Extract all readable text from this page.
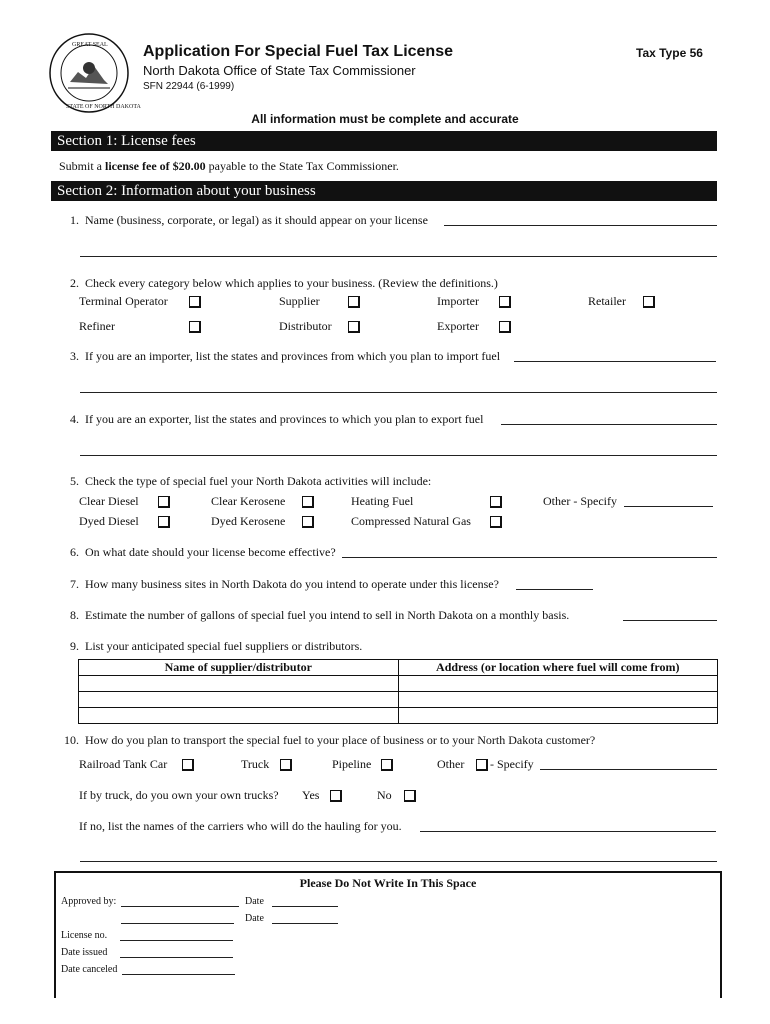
GREAT SEAL
STATE OF NORTH DAKOTA
Application For Special Fuel Tax License	Tax Type 56
North Dakota Office of State Tax Commissioner
SFN 22944 (6-1999)
All information must be complete and accurate
Section 1: License fees
Submit a license fee of $20.00 payable to the State Tax Commissioner.
Section 2: Information about your business
1. Name (business, corporate, or legal) as it should appear on your license
2. Check every category below which applies to your business. (Review the definitions.)
Terminal Operator	Supplier	Importer	Retailer
Refiner	Distributor	Exporter
3. If you are an importer, list the states and provinces from which you plan to import fuel
4. If you are an exporter, list the states and provinces to which you plan to export fuel
5. Check the type of special fuel your North Dakota activities will include:
Clear Diesel	Clear Kerosene	Heating Fuel	Other - Specify
Dyed Diesel	Dyed Kerosene	Compressed Natural Gas
6. On what date should your license become effective?
7. How many business sites in North Dakota do you intend to operate under this license?
8. Estimate the number of gallons of special fuel you intend to sell in North Dakota on a monthly basis.
9. List your anticipated special fuel suppliers or distributors.
Name of supplier/distributor	Address (or location where fuel will come from)

10. How do you plan to transport the special fuel to your place of business or to your North Dakota customer?
Railroad Tank Car	Truck	Pipeline	Other - Specify
If by truck, do you own your own trucks? Yes	No
If no, list the names of the carriers who will do the hauling for you.
Please Do Not Write In This Space
Approved by:	Date
Date
License no.
Date issued
Date canceled
